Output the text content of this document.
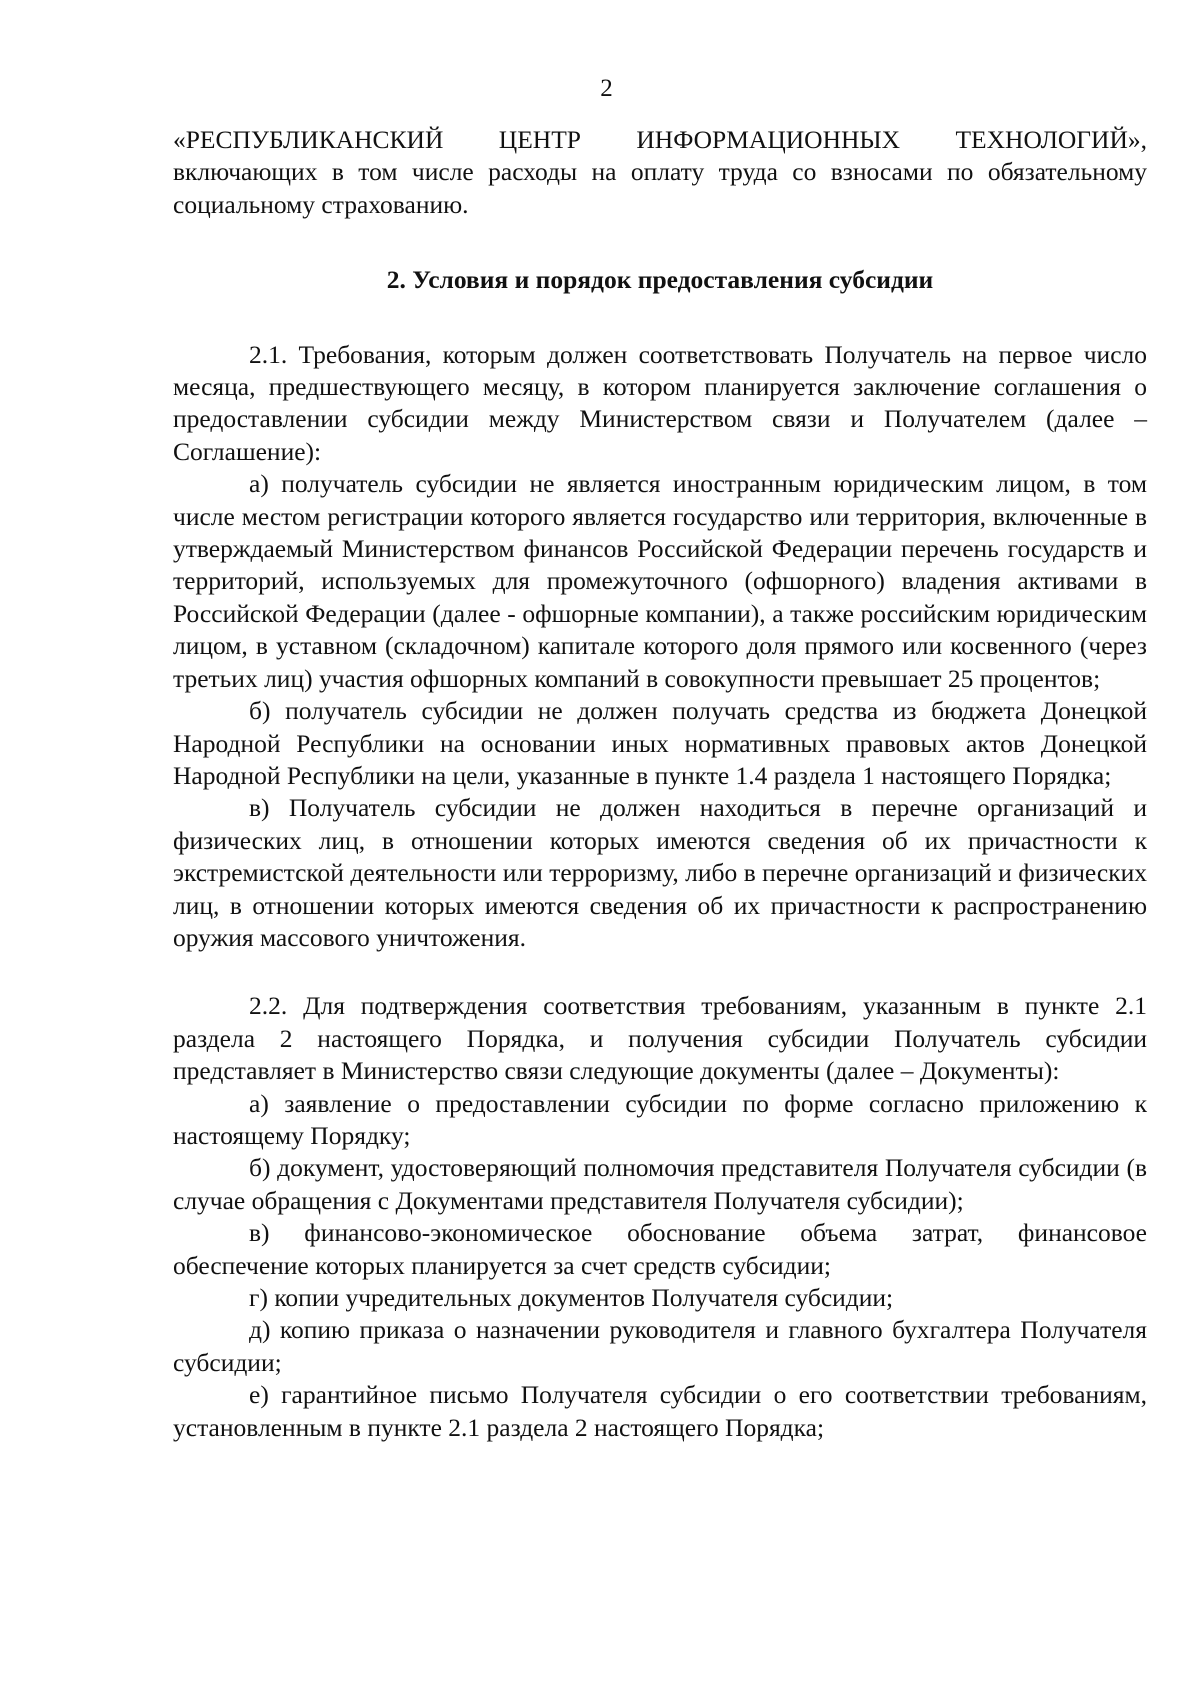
2

«РЕСПУБЛИКАНСКИЙ ЦЕНТР ИНФОРМАЦИОННЫХ ТЕХНОЛОГИЙ», включающих в том числе расходы на оплату труда со взносами по обязательному социальному страхованию.

2. Условия и порядок предоставления субсидии

2.1. Требования, которым должен соответствовать Получатель на первое число месяца, предшествующего месяцу, в котором планируется заключение соглашения о предоставлении субсидии между Министерством связи и Получателем (далее – Соглашение):

а) получатель субсидии не является иностранным юридическим лицом, в том числе местом регистрации которого является государство или территория, включенные в утверждаемый Министерством финансов Российской Федерации перечень государств и территорий, используемых для промежуточного (офшорного) владения активами в Российской Федерации (далее - офшорные компании), а также российским юридическим лицом, в уставном (складочном) капитале которого доля прямого или косвенного (через третьих лиц) участия офшорных компаний в совокупности превышает 25 процентов;

б) получатель субсидии не должен получать средства из бюджета Донецкой Народной Республики на основании иных нормативных правовых актов Донецкой Народной Республики на цели, указанные в пункте 1.4 раздела 1 настоящего Порядка;

в) Получатель субсидии не должен находиться в перечне организаций и физических лиц, в отношении которых имеются сведения об их причастности к экстремистской деятельности или терроризму, либо в перечне организаций и физических лиц, в отношении которых имеются сведения об их причастности к распространению оружия массового уничтожения.

2.2. Для подтверждения соответствия требованиям, указанным в пункте 2.1 раздела 2 настоящего Порядка, и получения субсидии Получатель субсидии представляет в Министерство связи следующие документы (далее – Документы):

а) заявление о предоставлении субсидии по форме согласно приложению к настоящему Порядку;

б) документ, удостоверяющий полномочия представителя Получателя субсидии (в случае обращения с Документами представителя Получателя субсидии);

в) финансово-экономическое обоснование объема затрат, финансовое обеспечение которых планируется за счет средств субсидии;

г) копии учредительных документов Получателя субсидии;

д) копию приказа о назначении руководителя и главного бухгалтера Получателя субсидии;

е) гарантийное письмо Получателя субсидии о его соответствии требованиям, установленным в пункте 2.1 раздела 2 настоящего Порядка;
